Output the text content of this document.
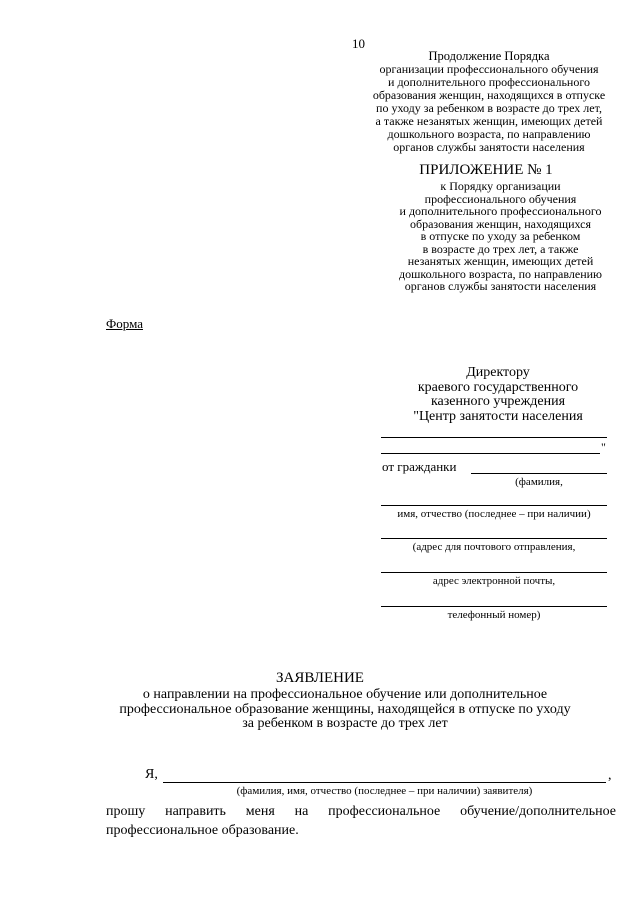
10
Продолжение Порядка
организации профессионального обучения
и дополнительного профессионального
образования женщин, находящихся в отпуске
по уходу за ребенком в возрасте до трех лет,
а также незанятых женщин, имеющих детей
дошкольного возраста, по направлению
органов службы занятости населения
ПРИЛОЖЕНИЕ № 1
к Порядку организации
профессионального обучения
и дополнительного профессионального
образования женщин, находящихся
в отпуске по уходу за ребенком
в возрасте до трех лет, а также
незанятых женщин, имеющих детей
дошкольного возраста, по направлению
органов службы занятости населения
Форма
Директору
краевого государственного
казенного учреждения
"Центр занятости населения
"
от гражданки
(фамилия,
имя, отчество (последнее – при наличии)
(адрес для почтового отправления,
адрес электронной почты,
телефонный номер)
ЗАЯВЛЕНИЕ
о направлении на профессиональное обучение или дополнительное
профессиональное образование женщины, находящейся в отпуске по уходу
за ребенком в возрасте до трех лет
Я,	,
(фамилия, имя, отчество (последнее – при наличии) заявителя)
прошу направить меня на профессиональное обучение/дополнительное профессиональное образование.
